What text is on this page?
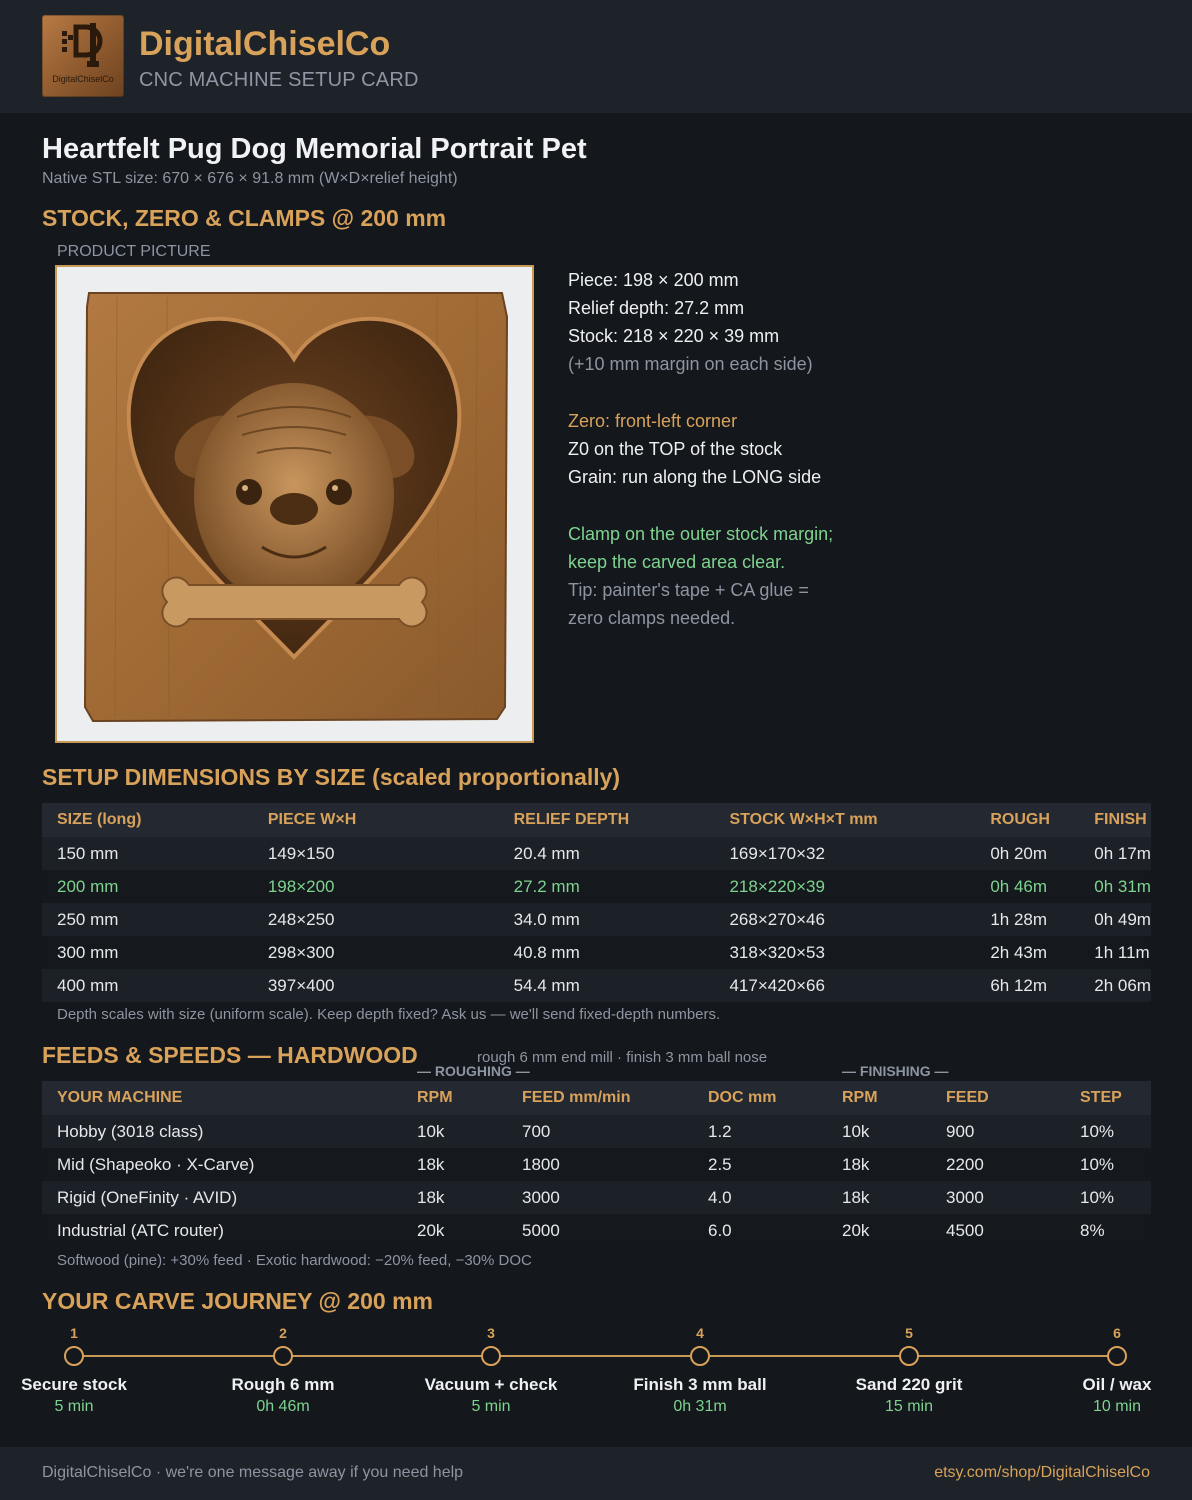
DigitalChiselCo
DigitalChiselCo
CNC MACHINE SETUP CARD
Heartfelt Pug Dog Memorial Portrait Pet
Native STL size: 670 × 676 × 91.8 mm (W×D×relief height)
STOCK, ZERO & CLAMPS @ 200 mm
PRODUCT PICTURE
Piece: 198 × 200 mm
Relief depth: 27.2 mm
Stock: 218 × 220 × 39 mm
(+10 mm margin on each side)
Zero: front-left corner
Z0 on the TOP of the stock
Grain: run along the LONG side
Clamp on the outer stock margin;
keep the carved area clear.
Tip: painter's tape + CA glue =
zero clamps needed.
SETUP DIMENSIONS BY SIZE (scaled proportionally)
SIZE (long)	PIECE W×H	RELIEF DEPTH	STOCK W×H×T mm	ROUGH	FINISH
150 mm	149×150	20.4 mm	169×170×32	0h 20m	0h 17m
200 mm	198×200	27.2 mm	218×220×39	0h 46m	0h 31m
250 mm	248×250	34.0 mm	268×270×46	1h 28m	0h 49m
300 mm	298×300	40.8 mm	318×320×53	2h 43m	1h 11m
400 mm	397×400	54.4 mm	417×420×66	6h 12m	2h 06m
Depth scales with size (uniform scale). Keep depth fixed? Ask us — we'll send fixed-depth numbers.
FEEDS & SPEEDS — HARDWOOD	rough 6 mm end mill · finish 3 mm ball nose
— ROUGHING —	— FINISHING —
YOUR MACHINE	RPM	FEED mm/min	DOC mm	RPM	FEED	STEP
Hobby (3018 class)	10k	700	1.2	10k	900	10%
Mid (Shapeoko · X-Carve)	18k	1800	2.5	18k	2200	10%
Rigid (OneFinity · AVID)	18k	3000	4.0	18k	3000	10%
Industrial (ATC router)	20k	5000	6.0	20k	4500	8%
Softwood (pine): +30% feed · Exotic hardwood: −20% feed, −30% DOC
YOUR CARVE JOURNEY @ 200 mm
1
Secure stock
5 min
2
Rough 6 mm
0h 46m
3
Vacuum + check
5 min
4
Finish 3 mm ball
0h 31m
5
Sand 220 grit
15 min
6
Oil / wax
10 min
DigitalChiselCo · we're one message away if you need help	etsy.com/shop/DigitalChiselCo
